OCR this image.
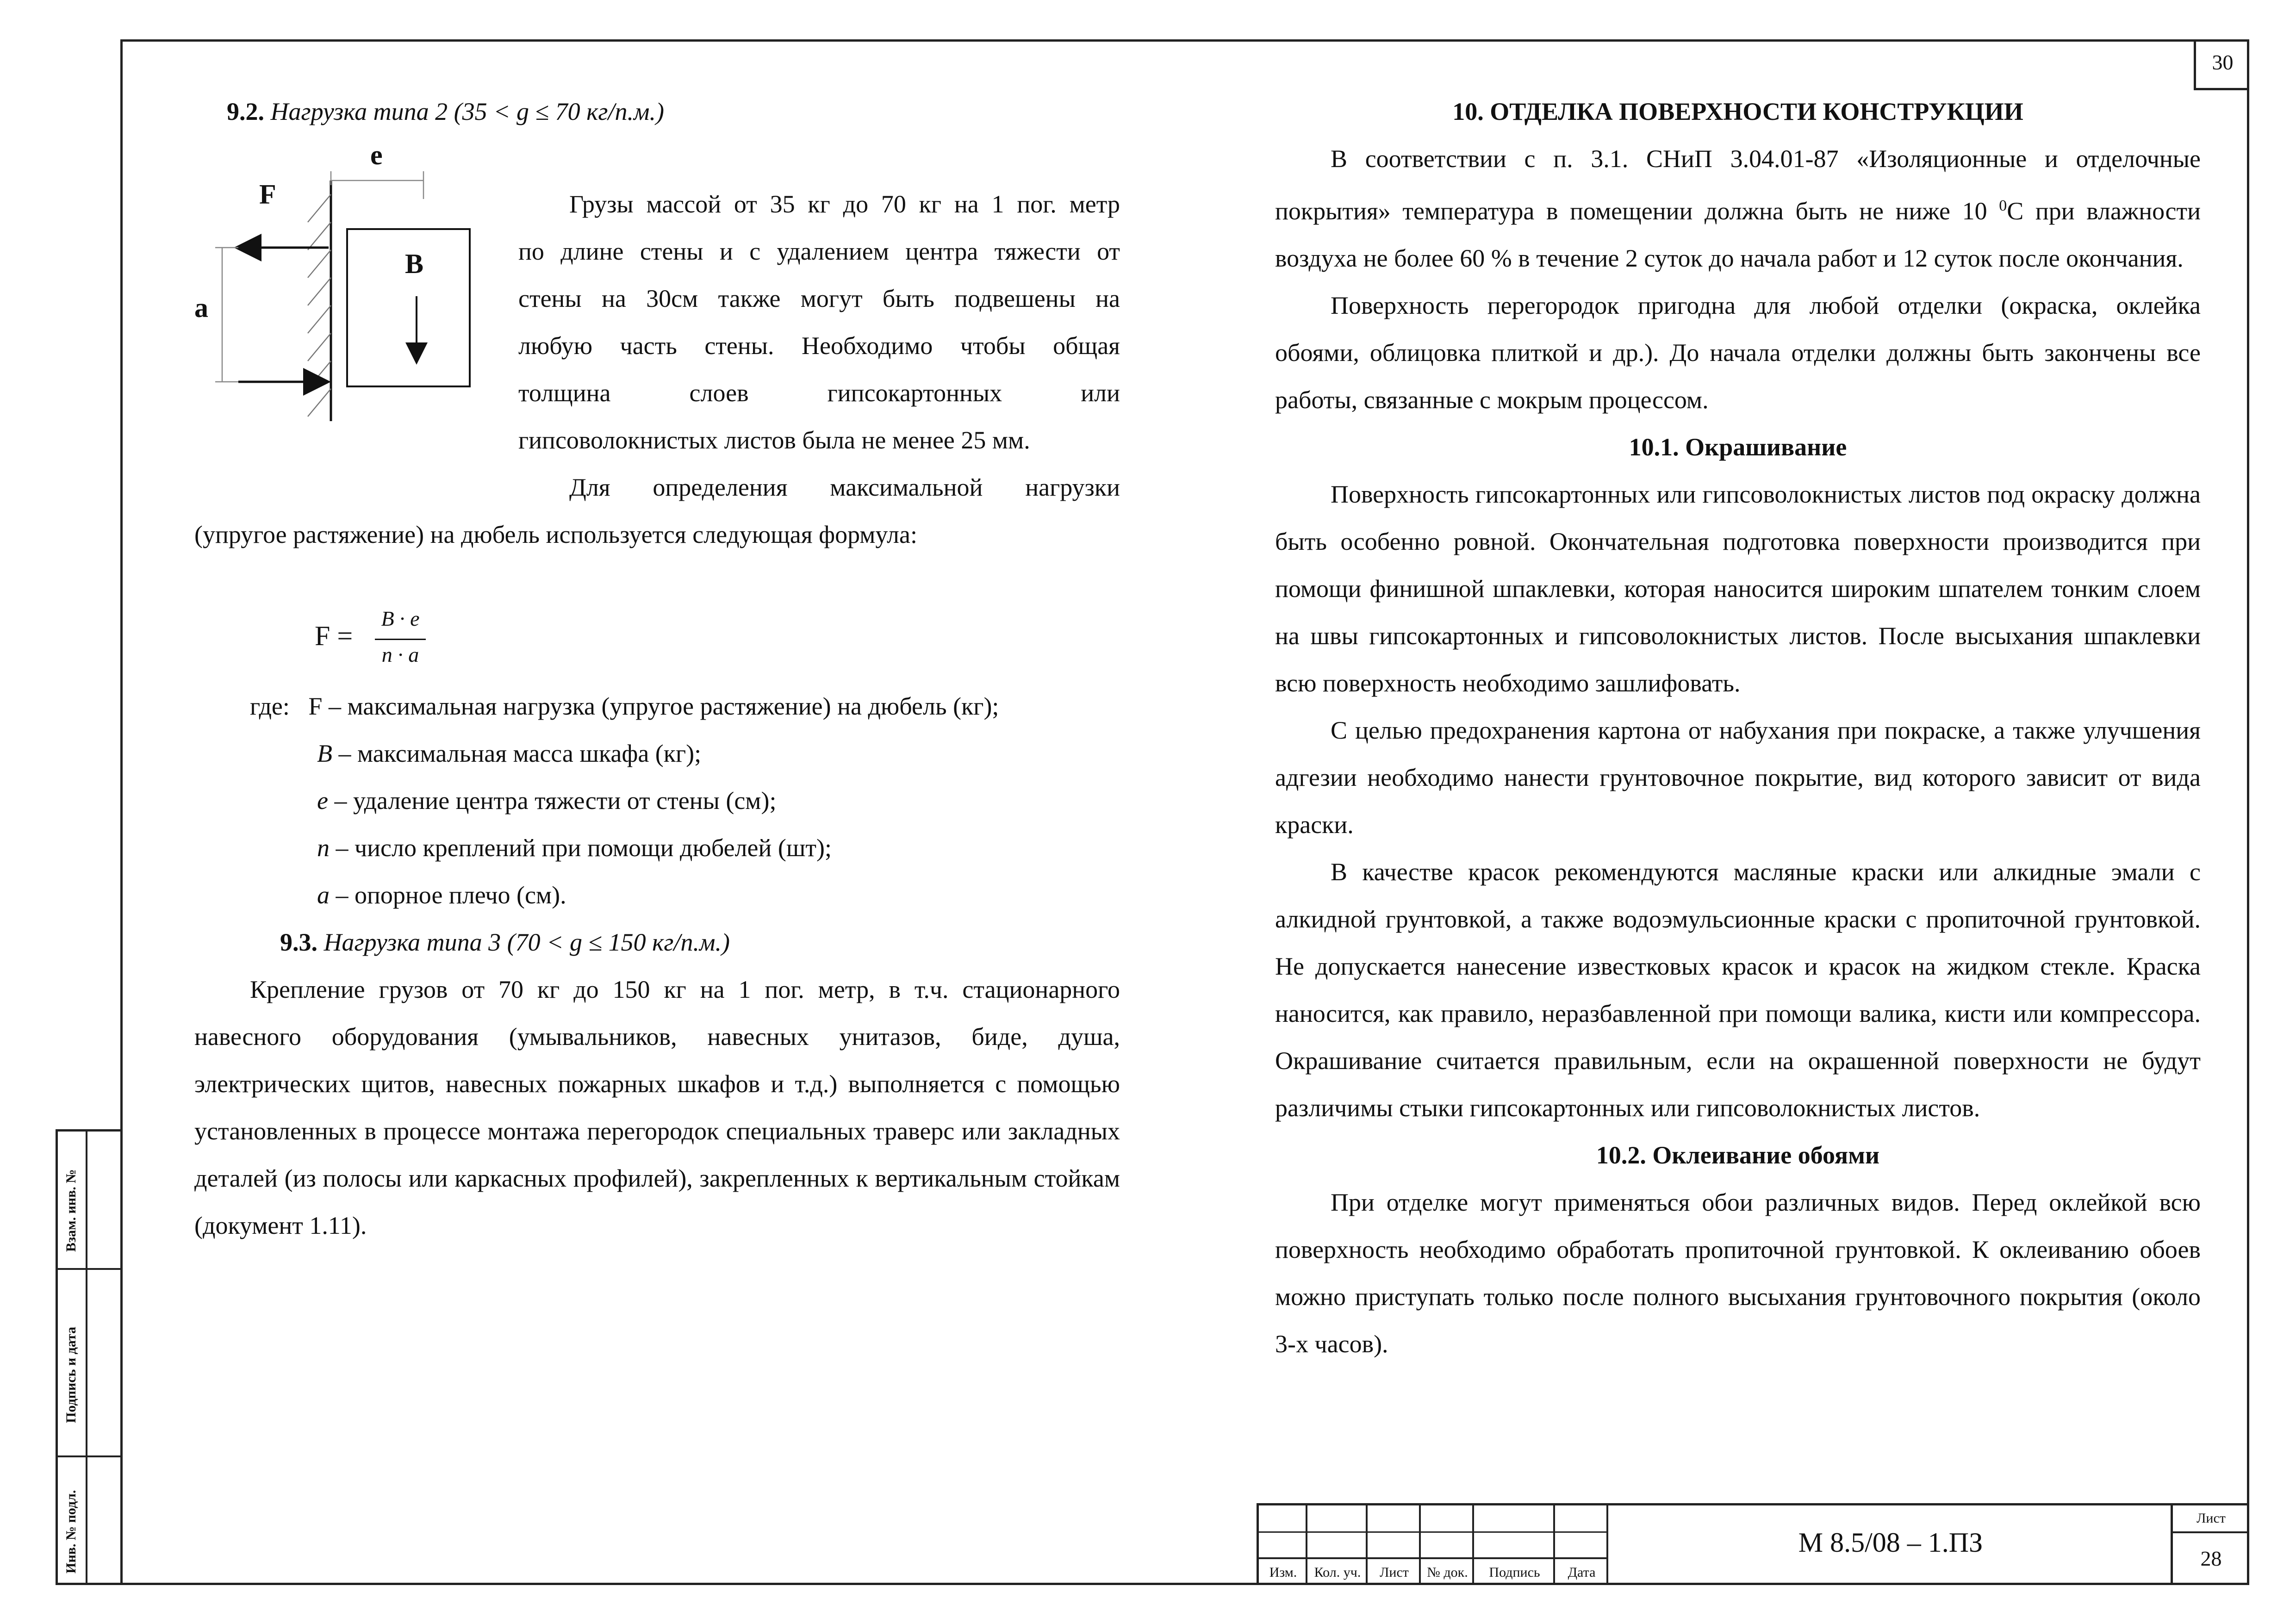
30
9.2. Нагрузка типа 2 (35 < g ≤ 70 кг/п.м.)
e
F
B
a

Грузы массой от 35 кг до 70 кг на 1 пог. метр

по длине стены и с удалением центра тяжести от

стены на 30см также могут быть подвешены на

любую часть стены. Необходимо чтобы общая

толщина слоев гипсокартонных или

гипсоволокнистых листов была не менее 25 мм.

Для определения максимальной нагрузки

(упругое растяжение) на дюбель используется следующая формула:

F =
B · e
n · a
где: F – максимальная нагрузка (упругое растяжение) на дюбель (кг);
B – максимальная масса шкафа (кг);
e – удаление центра тяжести от стены (см);
n – число креплений при помощи дюбелей (шт);
a – опорное плечо (см).
9.3. Нагрузка типа 3 (70 < g ≤ 150 кг/п.м.)

Крепление грузов от 70 кг до 150 кг на 1 пог. метр, в т.ч. стационарного навесного оборудования (умывальников, навесных унитазов, биде, душа, электрических щитов, навесных пожарных шкафов и т.д.) выполняется с помощью установленных в процессе монтажа перегородок специальных траверс или закладных деталей (из полосы или каркасных профилей), закрепленных к вертикальным стойкам (документ 1.11).

10. ОТДЕЛКА ПОВЕРХНОСТИ КОНСТРУКЦИИ

В соответствии с п. 3.1. СНиП 3.04.01-87 «Изоляционные и отделочные покрытия» температура в помещении должна быть не ниже 10 $^0$С при влажности воздуха не более 60 % в течение 2 суток до начала работ и 12 суток после окончания.

Поверхность перегородок пригодна для любой отделки (окраска, оклейка обоями, облицовка плиткой и др.). До начала отделки должны быть закончены все работы, связанные с мокрым процессом.

10.1. Окрашивание

Поверхность гипсокартонных или гипсоволокнистых листов под окраску должна быть особенно ровной. Окончательная подготовка поверхности производится при помощи финишной шпаклевки, которая наносится широким шпателем тонким слоем на швы гипсокартонных и гипсоволокнистых листов. После высыхания шпаклевки всю поверхность необходимо зашлифовать.

С целью предохранения картона от набухания при покраске, а также улучшения адгезии необходимо нанести грунтовочное покрытие, вид которого зависит от вида краски.

В качестве красок рекомендуются масляные краски или алкидные эмали с алкидной грунтовкой, а также водоэмульсионные краски с пропиточной грунтовкой. Не допускается нанесение известковых красок и красок на жидком стекле. Краска наносится, как правило, неразбавленной при помощи валика, кисти или компрессора. Окрашивание считается правильным, если на окрашенной поверхности не будут различимы стыки гипсокартонных или гипсоволокнистых листов.

10.2. Оклеивание обоями

При отделке могут применяться обои различных видов. Перед оклейкой всю поверхность необходимо обработать пропиточной грунтовкой. К оклеиванию обоев можно приступать только после полного высыхания грунтовочного покрытия (около 3-х часов).

Взам. инв. №
Подпись и дата
Инв. № подл.	Изм.	Кол. уч.	Лист	№ док.	Подпись	Дата
М 8.5/08 – 1.ПЗ
Лист
28
